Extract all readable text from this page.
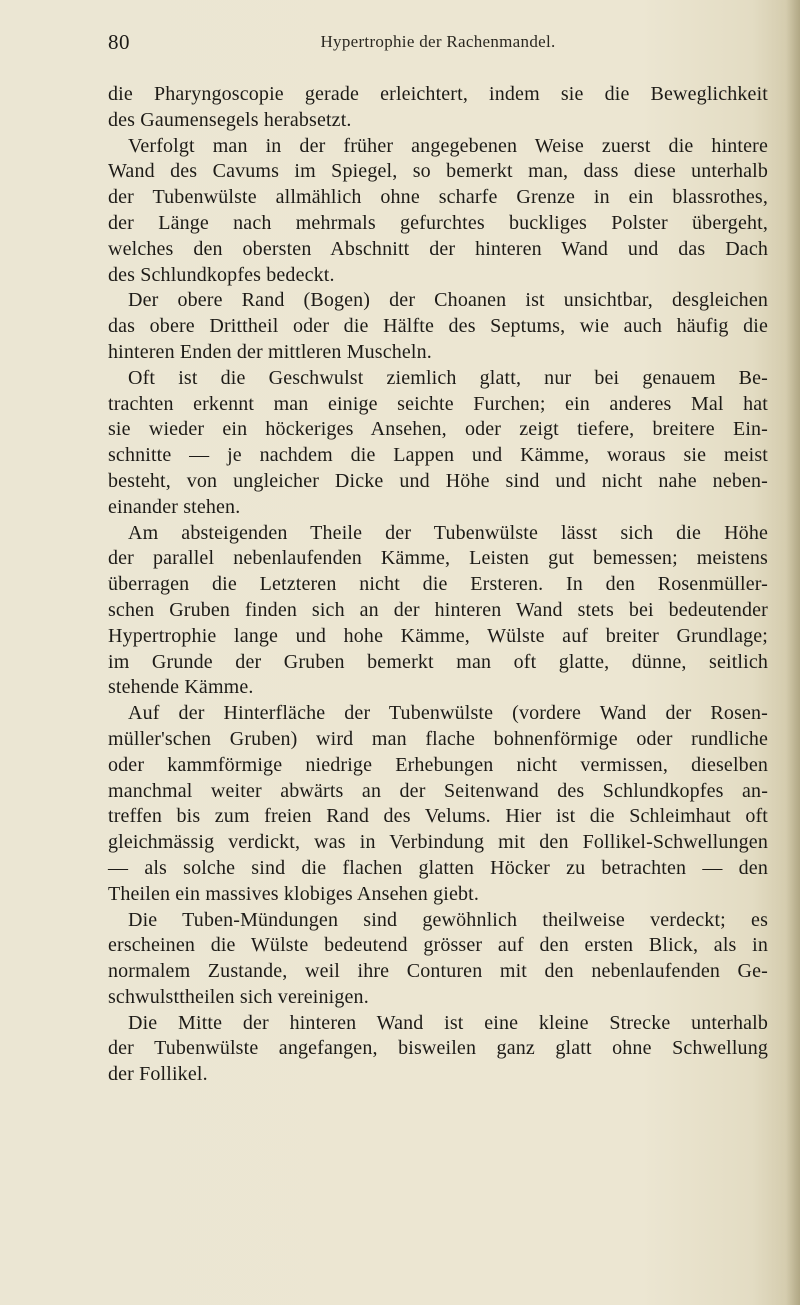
80	Hypertrophie der Rachenmandel.
die Pharyngoscopie gerade erleichtert, indem sie die Beweglichkeit
des Gaumensegels herabsetzt.
Verfolgt man in der früher angegebenen Weise zuerst die hintere
Wand des Cavums im Spiegel, so bemerkt man, dass diese unterhalb
der Tubenwülste allmählich ohne scharfe Grenze in ein blassrothes,
der Länge nach mehrmals gefurchtes buckliges Polster übergeht,
welches den obersten Abschnitt der hinteren Wand und das Dach
des Schlundkopfes bedeckt.
Der obere Rand (Bogen) der Choanen ist unsichtbar, desgleichen
das obere Drittheil oder die Hälfte des Septums, wie auch häufig die
hinteren Enden der mittleren Muscheln.
Oft ist die Geschwulst ziemlich glatt, nur bei genauem Be-
trachten erkennt man einige seichte Furchen; ein anderes Mal hat
sie wieder ein höckeriges Ansehen, oder zeigt tiefere, breitere Ein-
schnitte — je nachdem die Lappen und Kämme, woraus sie meist
besteht, von ungleicher Dicke und Höhe sind und nicht nahe neben-
einander stehen.
Am absteigenden Theile der Tubenwülste lässt sich die Höhe
der parallel nebenlaufenden Kämme, Leisten gut bemessen; meistens
überragen die Letzteren nicht die Ersteren. In den Rosenmüller-
schen Gruben finden sich an der hinteren Wand stets bei bedeutender
Hypertrophie lange und hohe Kämme, Wülste auf breiter Grundlage;
im Grunde der Gruben bemerkt man oft glatte, dünne, seitlich
stehende Kämme.
Auf der Hinterfläche der Tubenwülste (vordere Wand der Rosen-
müller'schen Gruben) wird man flache bohnenförmige oder rundliche
oder kammförmige niedrige Erhebungen nicht vermissen, dieselben
manchmal weiter abwärts an der Seitenwand des Schlundkopfes an-
treffen bis zum freien Rand des Velums. Hier ist die Schleimhaut oft
gleichmässig verdickt, was in Verbindung mit den Follikel-Schwellungen
— als solche sind die flachen glatten Höcker zu betrachten — den
Theilen ein massives klobiges Ansehen giebt.
Die Tuben-Mündungen sind gewöhnlich theilweise verdeckt; es
erscheinen die Wülste bedeutend grösser auf den ersten Blick, als in
normalem Zustande, weil ihre Conturen mit den nebenlaufenden Ge-
schwulsttheilen sich vereinigen.
Die Mitte der hinteren Wand ist eine kleine Strecke unterhalb
der Tubenwülste angefangen, bisweilen ganz glatt ohne Schwellung
der Follikel.
